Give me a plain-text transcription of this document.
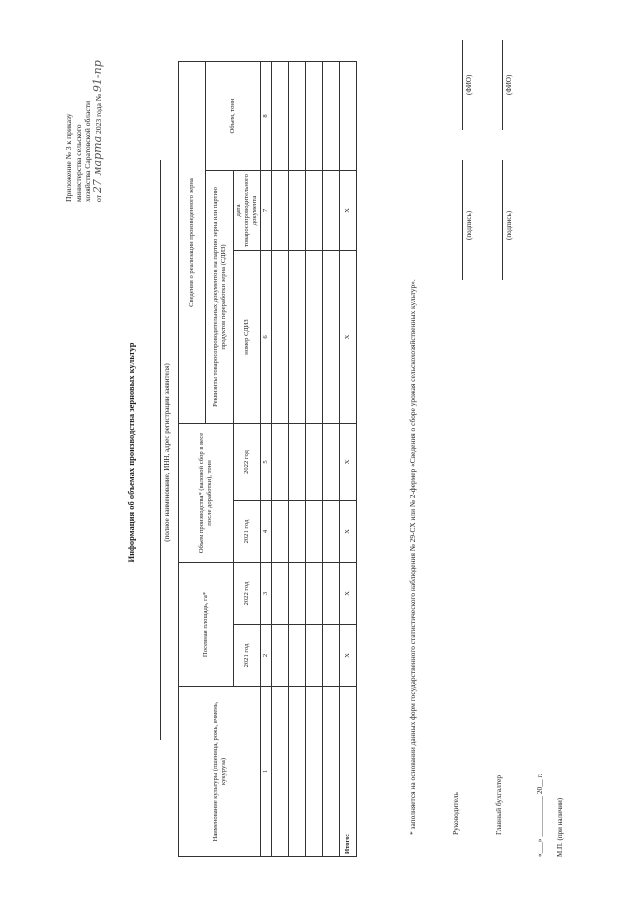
Приложение № 3 к приказу министерства сельского хозяйства Саратовской области от 27 марта 2023 года № 91-пр
Информация об объемах производства зерновых культур	(полное наименование, ИНН, адрес регистрации заявителя)
Наименование культуры (пшеница, рожь, ячмень, кукуруза)	Посевная площадь, га*		Объем производства* (валовой сбор в весе после доработки), тонн		Сведения о реализации произведенного зерна		
					Реквизиты товаросопроводительных документов на партию зерна или партию продуктов переработки зерна (СДИЗ)		Объем, тонн
	2021 год	2022 год	2021 год	2022 год	номер СДИЗ	дата товаросопроводительного документа	
1	2	3	4	5	6	7	8

Итого:	X	X	X	X	X	X	
* заполняется на основании данных форм государственного статистического наблюдения № 29-СХ или № 2-фермер «Сведения о сборе урожая сельскохозяйственных культур».	Руководитель
(подпись)
(ФИО)
Главный бухгалтер
(подпись)
(ФИО)
«___» ___________ 20__ г. М.П. (при наличии)
